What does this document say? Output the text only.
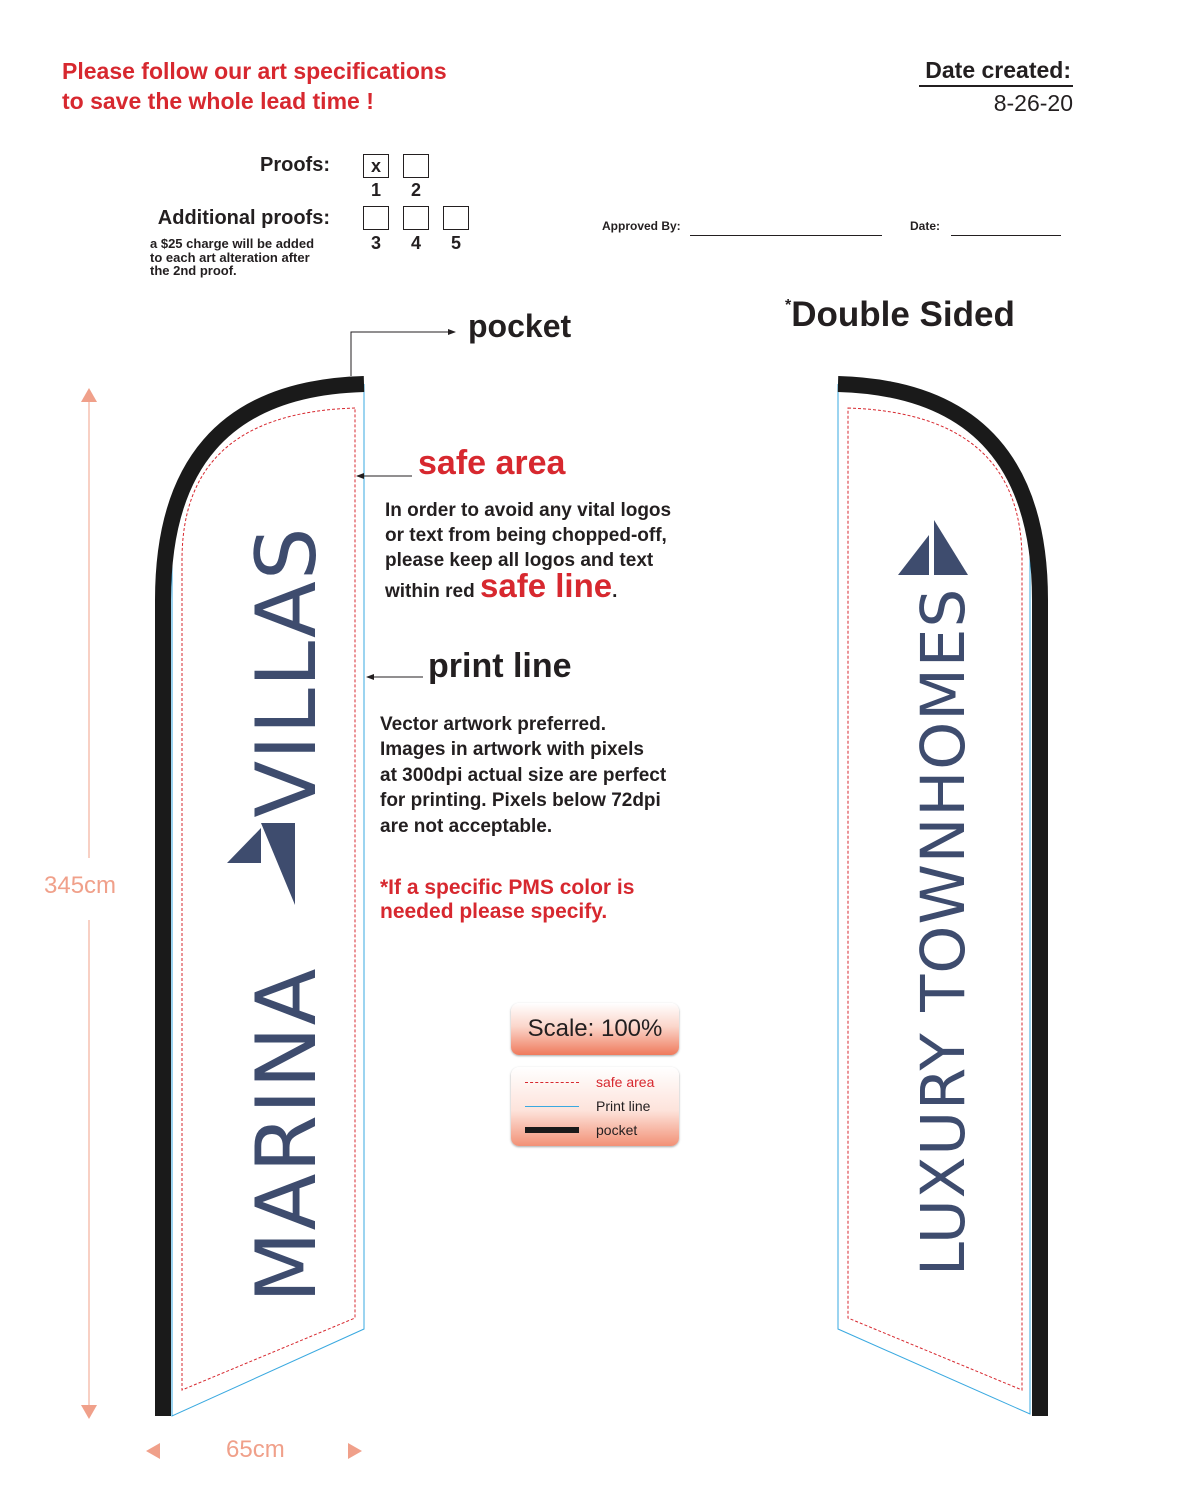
Please follow our art specifications
to save the whole lead time !
Date created:
8-26-20
Proofs:
Additional proofs:
x
1	2
3	4	5
a $25 charge will be added
to each art alteration after
the 2nd proof.
Approved By:	Date:
*Double Sided
MARINAVILLAS	LUXURY TOWNHOMES
pocket
safe area
In order to avoid any vital logos
or text from being chopped-off,
please keep all logos and text
within red safe line.
print line
Vector artwork preferred.
Images in artwork with pixels
at 300dpi actual size are perfect
for printing. Pixels below 72dpi
are not acceptable.
*If a specific PMS color is
needed please specify.
Scale: 100%
safe area
Print line
pocket
345cm
65cm
